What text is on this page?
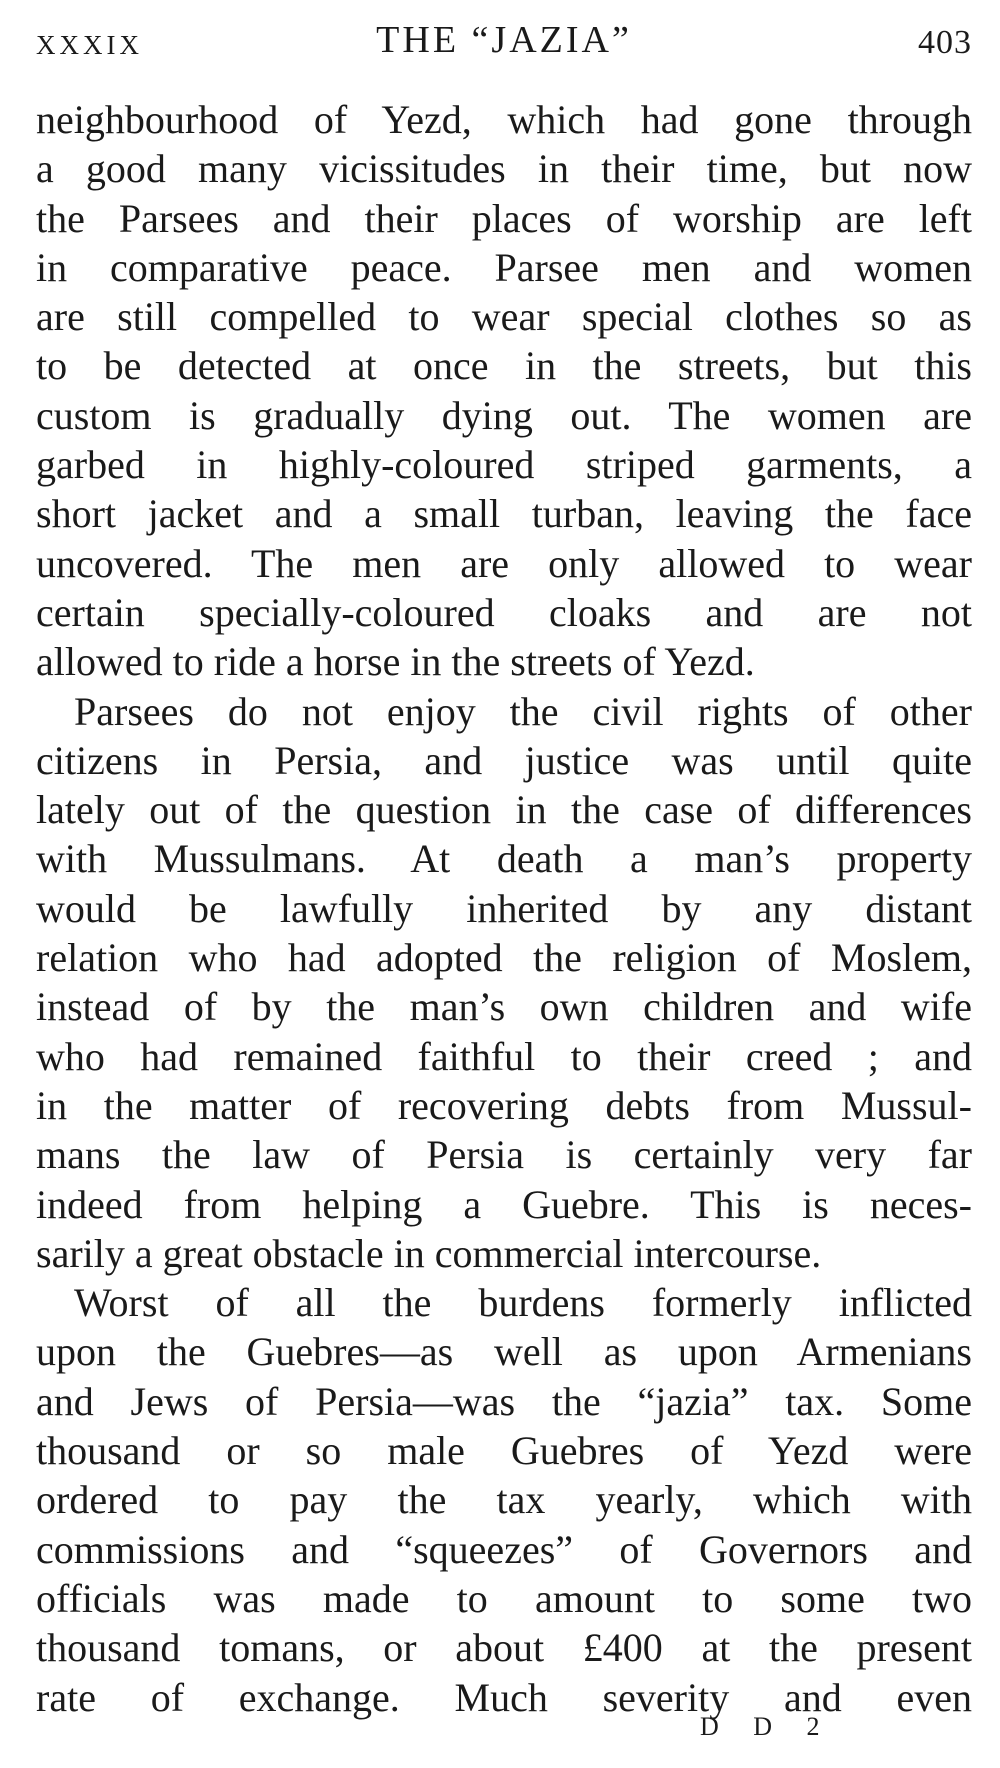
XXXIX	THE “JAZIA”	403
neighbourhood of Yezd, which had gone through
a good many vicissitudes in their time, but now
the Parsees and their places of worship are left
in comparative peace. Parsee men and women
are still compelled to wear special clothes so as
to be detected at once in the streets, but this
custom is gradually dying out. The women are
garbed in highly-coloured striped garments, a
short jacket and a small turban, leaving the face
uncovered. The men are only allowed to wear
certain specially-coloured cloaks and are not
allowed to ride a horse in the streets of Yezd.
Parsees do not enjoy the civil rights of other
citizens in Persia, and justice was until quite
lately out of the question in the case of differences
with Mussulmans. At death a man’s property
would be lawfully inherited by any distant
relation who had adopted the religion of Moslem,
instead of by the man’s own children and wife
who had remained faithful to their creed ; and
in the matter of recovering debts from Mussul-
mans the law of Persia is certainly very far
indeed from helping a Guebre. This is neces-
sarily a great obstacle in commercial intercourse.
Worst of all the burdens formerly inflicted
upon the Guebres—as well as upon Armenians
and Jews of Persia—was the “jazia” tax. Some
thousand or so male Guebres of Yezd were
ordered to pay the tax yearly, which with
commissions and “squeezes” of Governors and
officials was made to amount to some two
thousand tomans, or about £400 at the present
rate of exchange. Much severity and even
D D 2
